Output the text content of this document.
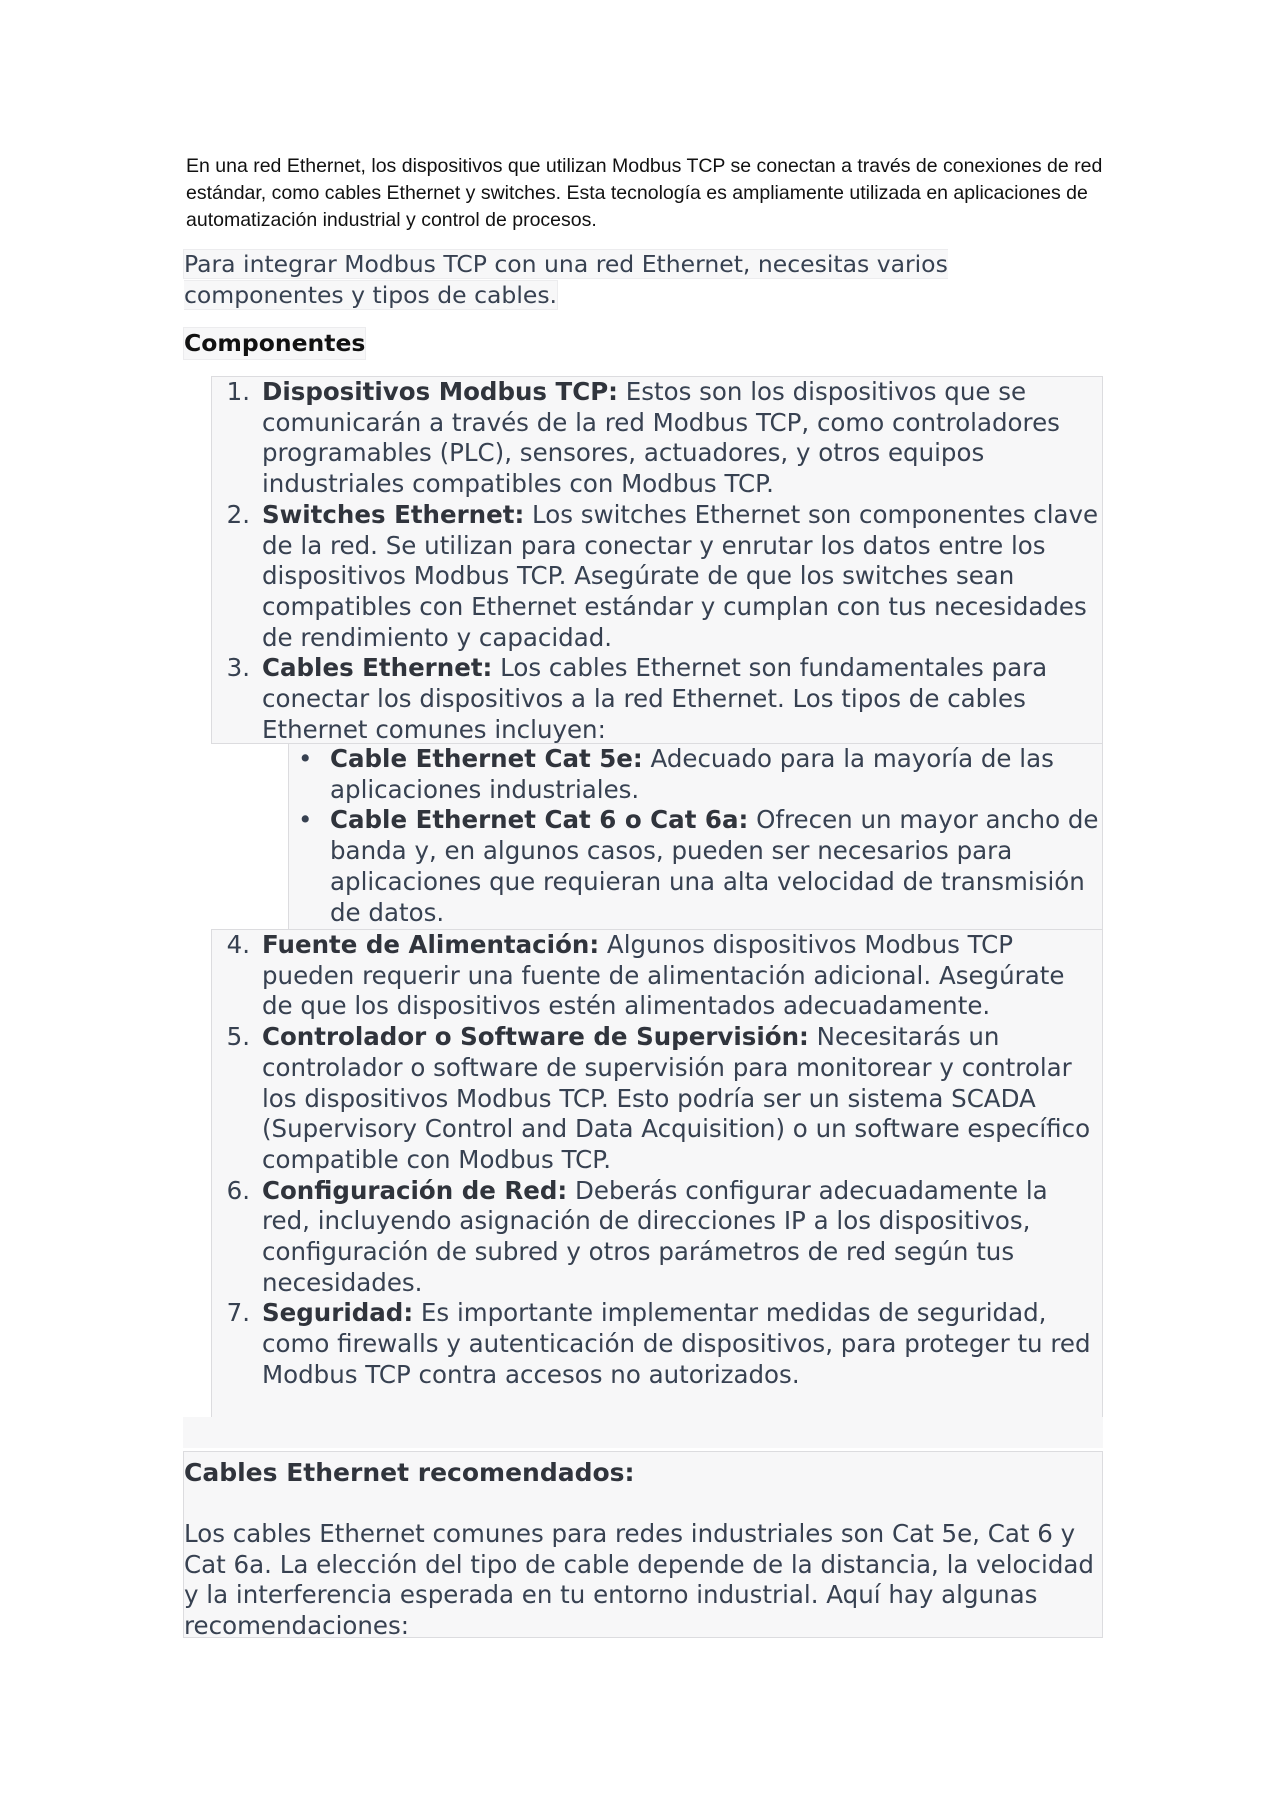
En una red Ethernet, los dispositivos que utilizan Modbus TCP se conectan a través de conexiones de red estándar, como cables Ethernet y switches. Esta tecnología es ampliamente utilizada en aplicaciones de automatización industrial y control de procesos.

Para integrar Modbus TCP con una red Ethernet, necesitas varios componentes y tipos de cables.

Componentes
1. Dispositivos Modbus TCP: Estos son los dispositivos que se comunicarán a través de la red Modbus TCP, como controladores programables (PLC), sensores, actuadores, y otros equipos industriales compatibles con Modbus TCP.
2. Switches Ethernet: Los switches Ethernet son componentes clave de la red. Se utilizan para conectar y enrutar los datos entre los dispositivos Modbus TCP. Asegúrate de que los switches sean compatibles con Ethernet estándar y cumplan con tus necesidades de rendimiento y capacidad.
3. Cables Ethernet: Los cables Ethernet son fundamentales para conectar los dispositivos a la red Ethernet. Los tipos de cables Ethernet comunes incluyen:
• Cable Ethernet Cat 5e: Adecuado para la mayoría de las aplicaciones industriales.
• Cable Ethernet Cat 6 o Cat 6a: Ofrecen un mayor ancho de banda y, en algunos casos, pueden ser necesarios para aplicaciones que requieran una alta velocidad de transmisión de datos.
4. Fuente de Alimentación: Algunos dispositivos Modbus TCP pueden requerir una fuente de alimentación adicional. Asegúrate de que los dispositivos estén alimentados adecuadamente.
5. Controlador o Software de Supervisión: Necesitarás un controlador o software de supervisión para monitorear y controlar los dispositivos Modbus TCP. Esto podría ser un sistema SCADA (Supervisory Control and Data Acquisition) o un software específico compatible con Modbus TCP.
6. Configuración de Red: Deberás configurar adecuadamente la red, incluyendo asignación de direcciones IP a los dispositivos, configuración de subred y otros parámetros de red según tus necesidades.
7. Seguridad: Es importante implementar medidas de seguridad, como firewalls y autenticación de dispositivos, para proteger tu red Modbus TCP contra accesos no autorizados.
Cables Ethernet recomendados:

Los cables Ethernet comunes para redes industriales son Cat 5e, Cat 6 y Cat 6a. La elección del tipo de cable depende de la distancia, la velocidad y la interferencia esperada en tu entorno industrial. Aquí hay algunas recomendaciones:
